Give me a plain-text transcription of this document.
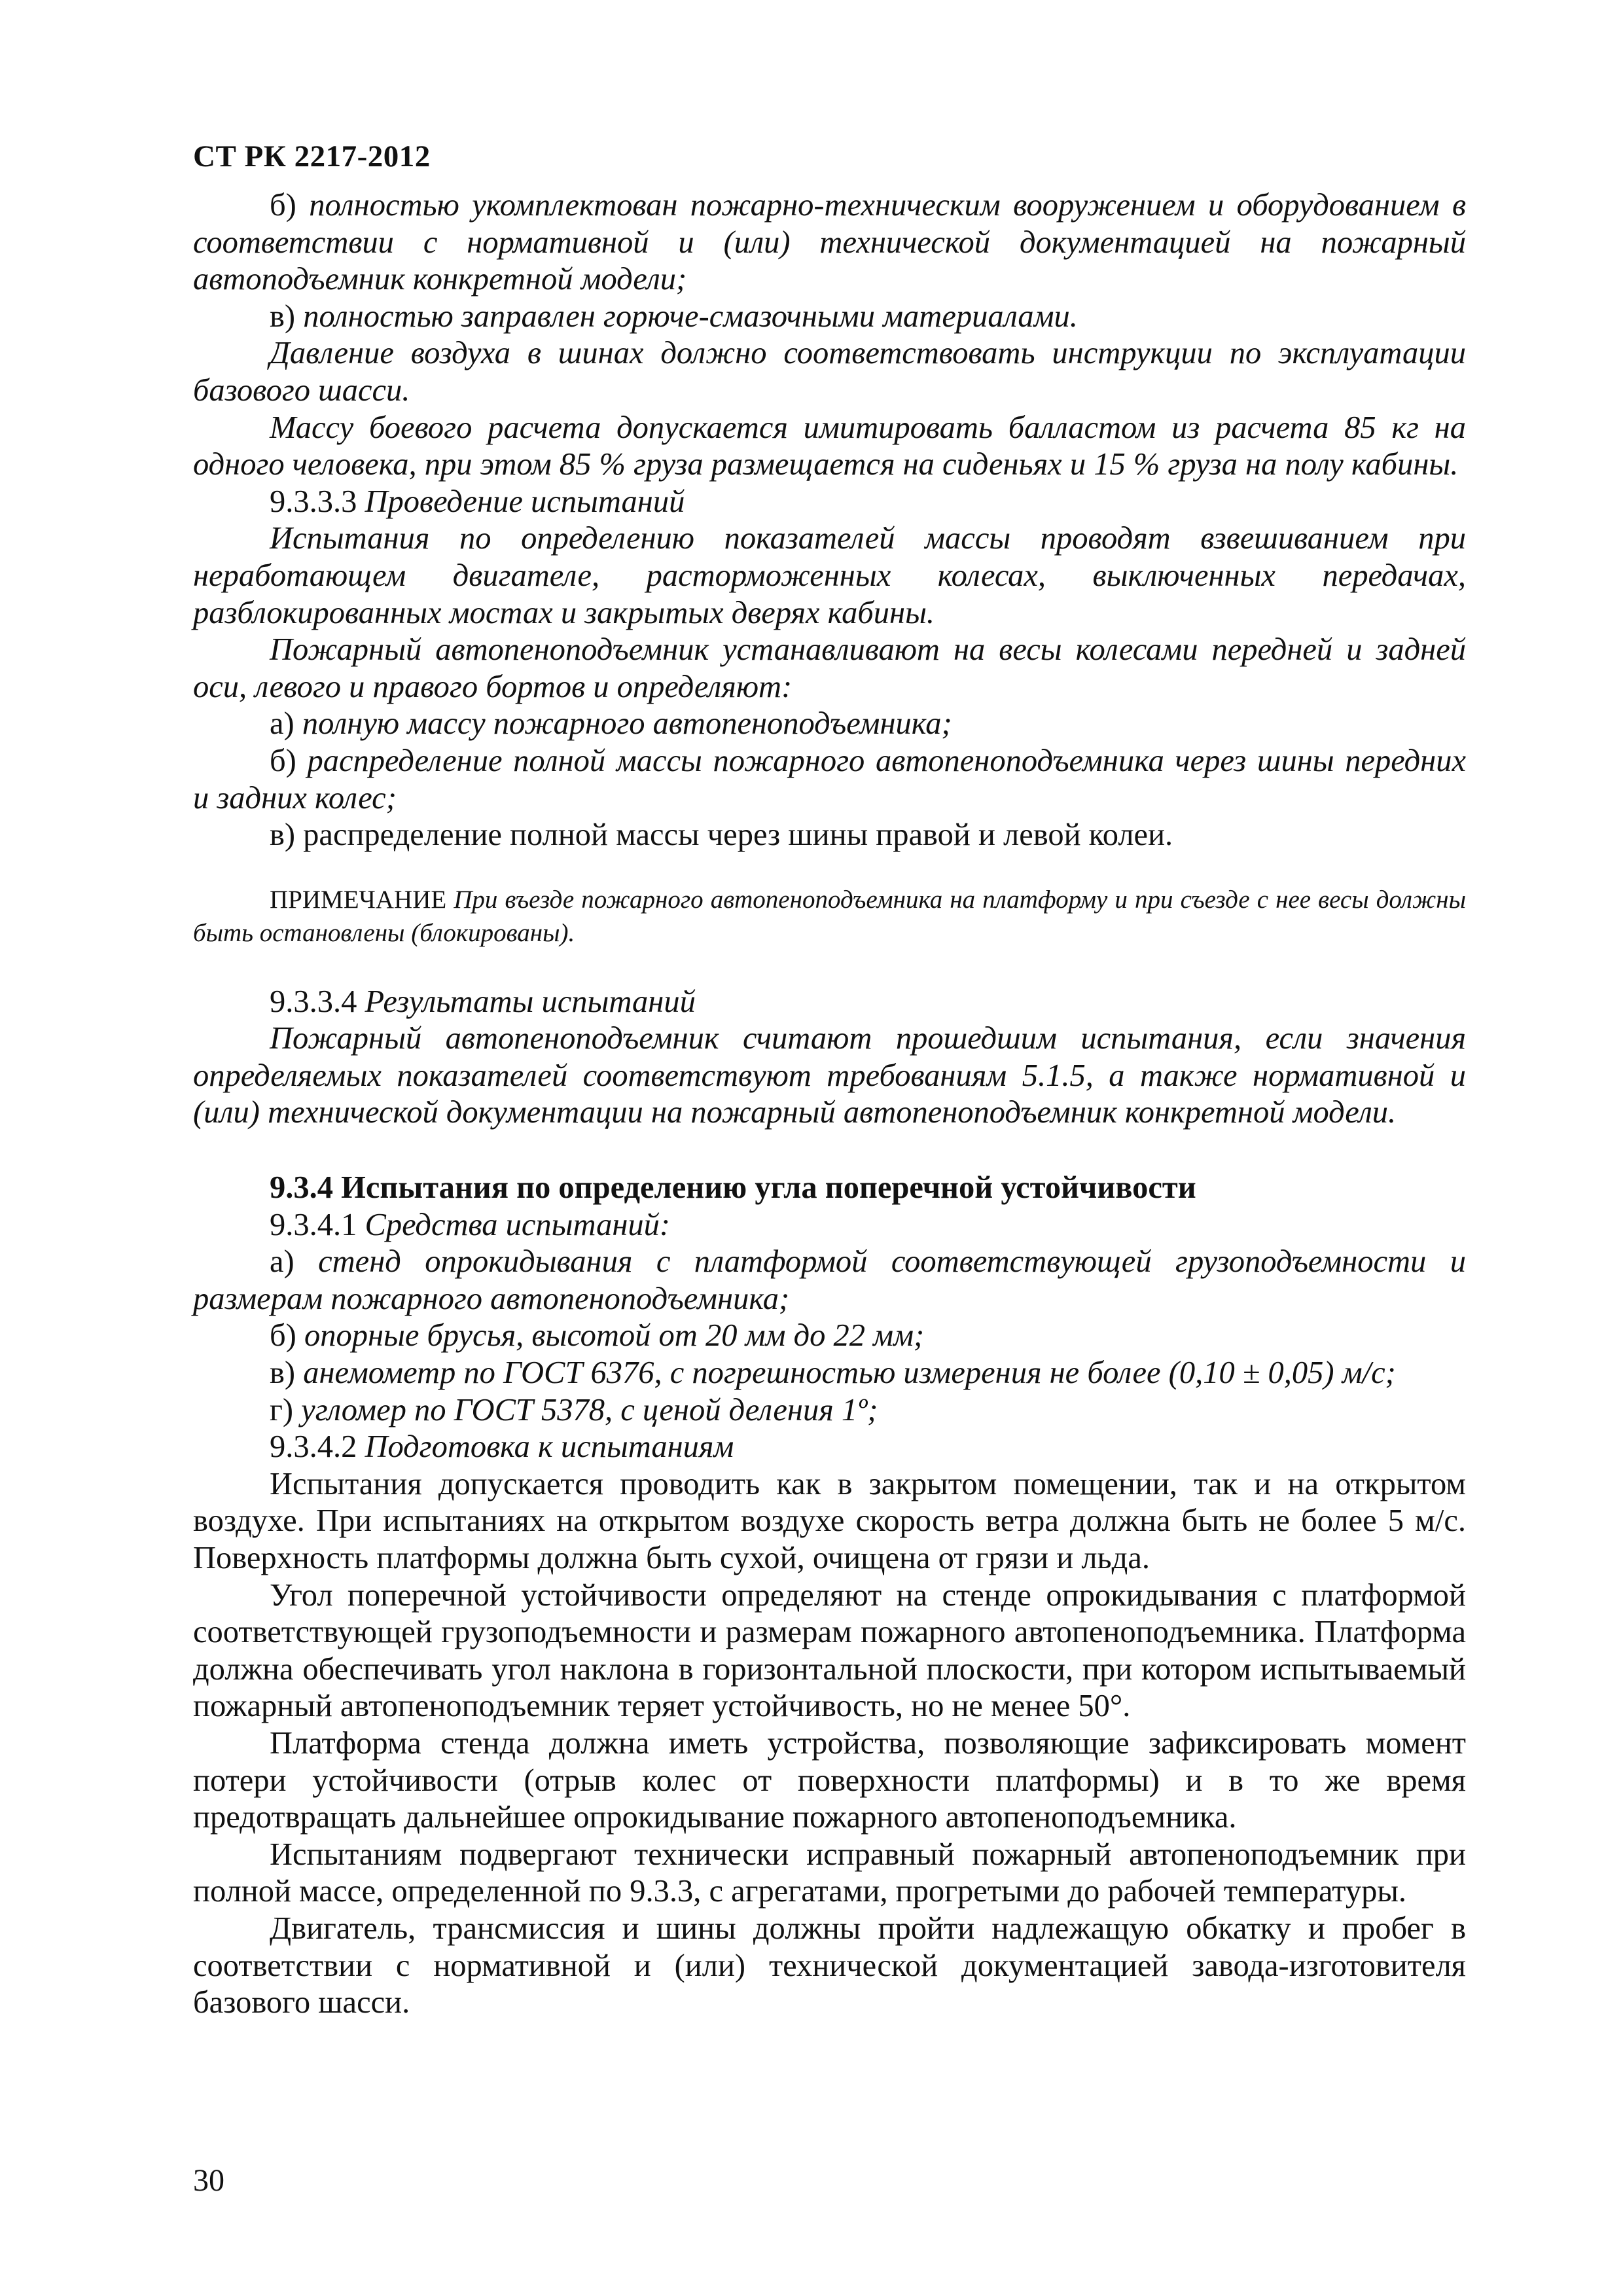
СТ РК 2217-2012

б) полностью укомплектован пожарно-техническим вооружением и оборудованием в соответствии с нормативной и (или) технической документацией на пожарный автоподъемник конкретной модели;

в) полностью заправлен горюче-смазочными материалами.

Давление воздуха в шинах должно соответствовать инструкции по эксплуатации базового шасси.

Массу боевого расчета допускается имитировать балластом из расчета 85 кг на одного человека, при этом 85 % груза размещается на сиденьях и 15 % груза на полу кабины.

9.3.3.3 Проведение испытаний

Испытания по определению показателей массы проводят взвешиванием при неработающем двигателе, расторможенных колесах, выключенных передачах, разблокированных мостах и закрытых дверях кабины.

Пожарный автопеноподъемник устанавливают на весы колесами передней и задней оси, левого и правого бортов и определяют:

а) полную массу пожарного автопеноподъемника;

б) распределение полной массы пожарного автопеноподъемника через шины передних и задних колес;

в) распределение полной массы через шины правой и левой колеи.

ПРИМЕЧАНИЕ При въезде пожарного автопеноподъемника на платформу и при съезде с нее весы должны быть остановлены (блокированы).

9.3.3.4 Результаты испытаний

Пожарный автопеноподъемник считают прошедшим испытания, если значения определяемых показателей соответствуют требованиям 5.1.5, а также нормативной и (или) технической документации на пожарный автопеноподъемник конкретной модели.

9.3.4 Испытания по определению угла поперечной устойчивости

9.3.4.1 Средства испытаний:

а) стенд опрокидывания с платформой соответствующей грузоподъемности и размерам пожарного автопеноподъемника;

б) опорные брусья, высотой от 20 мм до 22 мм;

в) анемометр по ГОСТ 6376, с погрешностью измерения не более (0,10 ± 0,05) м/с;

г) угломер по ГОСТ 5378, с ценой деления 1º;

9.3.4.2 Подготовка к испытаниям

Испытания допускается проводить как в закрытом помещении, так и на открытом воздухе. При испытаниях на открытом воздухе скорость ветра должна быть не более 5 м/с. Поверхность платформы должна быть сухой, очищена от грязи и льда.

Угол поперечной устойчивости определяют на стенде опрокидывания с платформой соответствующей грузоподъемности и размерам пожарного автопеноподъемника. Платформа должна обеспечивать угол наклона в горизонтальной плоскости, при котором испытываемый пожарный автопеноподъемник теряет устойчивость, но не менее 50°.

Платформа стенда должна иметь устройства, позволяющие зафиксировать момент потери устойчивости (отрыв колес от поверхности платформы) и в то же время предотвращать дальнейшее опрокидывание пожарного автопеноподъемника.

Испытаниям подвергают технически исправный пожарный автопеноподъемник при полной массе, определенной по 9.3.3, с агрегатами, прогретыми до рабочей температуры.

Двигатель, трансмиссия и шины должны пройти надлежащую обкатку и пробег в соответствии с нормативной и (или) технической документацией завода-изготовителя базового шасси.

30
